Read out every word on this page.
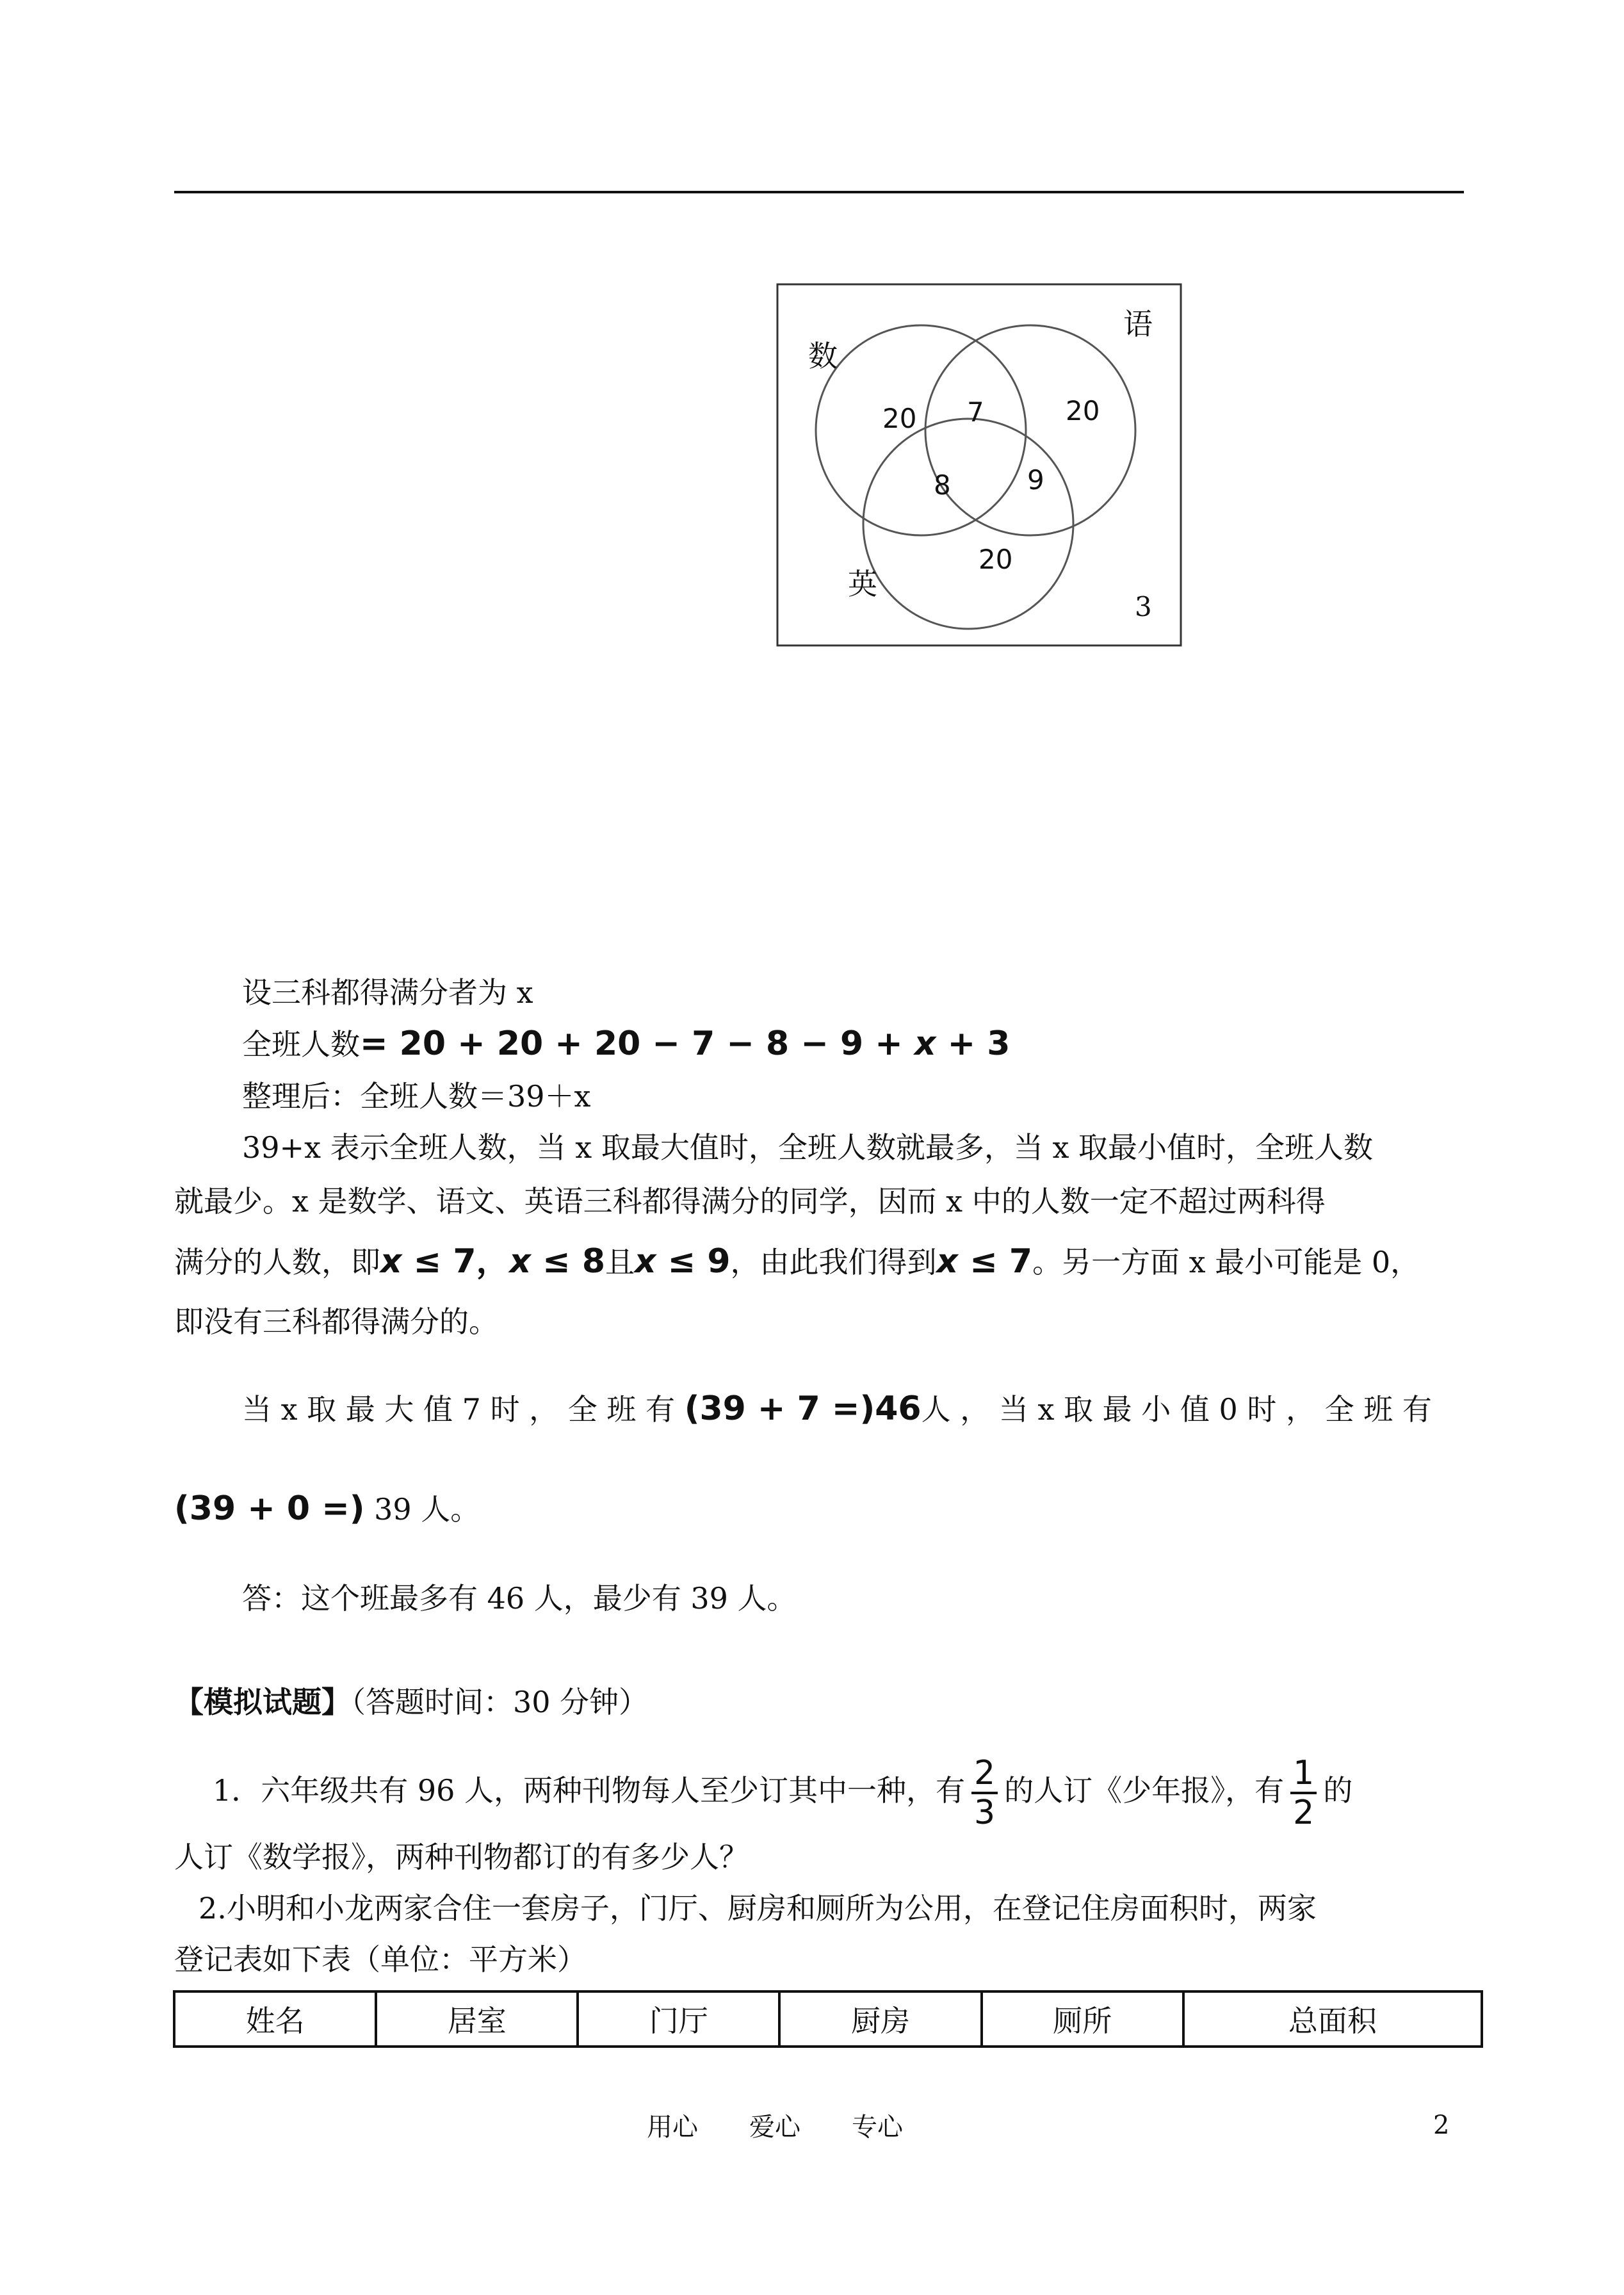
数
语
英
20 7	20
8	9
20
3
设三科都得满分者为 x
全班人数= 20 + 20 + 20 − 7 − 8 − 9 + x + 3
整理后：全班人数＝39＋x
39+x 表示全班人数，当 x 取最大值时，全班人数就最多，当 x 取最小值时，全班人数
就最少。x 是数学、语文、英语三科都得满分的同学，因而 x 中的人数一定不超过两科得
满分的人数，即x ≤ 7，x ≤ 8且x ≤ 9，由此我们得到x ≤ 7。另一方面 x 最小可能是 0，
即没有三科都得满分的。
当 x 取 最 大 值 7 时 ， 全 班 有 (39 + 7 =)46人 ， 当 x 取 最 小 值 0 时 ， 全 班 有
(39 + 0 =) 39 人。
答：这个班最多有 46 人，最少有 39 人。
【模拟试题】（答题时间：30 分钟）
1．六年级共有 96 人，两种刊物每人至少订其中一种，有 $\frac{2}{3}$ 的人订《少年报》，有 $\frac{1}{2}$ 的
人订《数学报》，两种刊物都订的有多少人？
2.小明和小龙两家合住一套房子，门厅、厨房和厕所为公用，在登记住房面积时，两家
登记表如下表（单位：平方米）
姓名	居室	门厅	厨房	厕所	总面积
用心　　爱心　　专心	2
